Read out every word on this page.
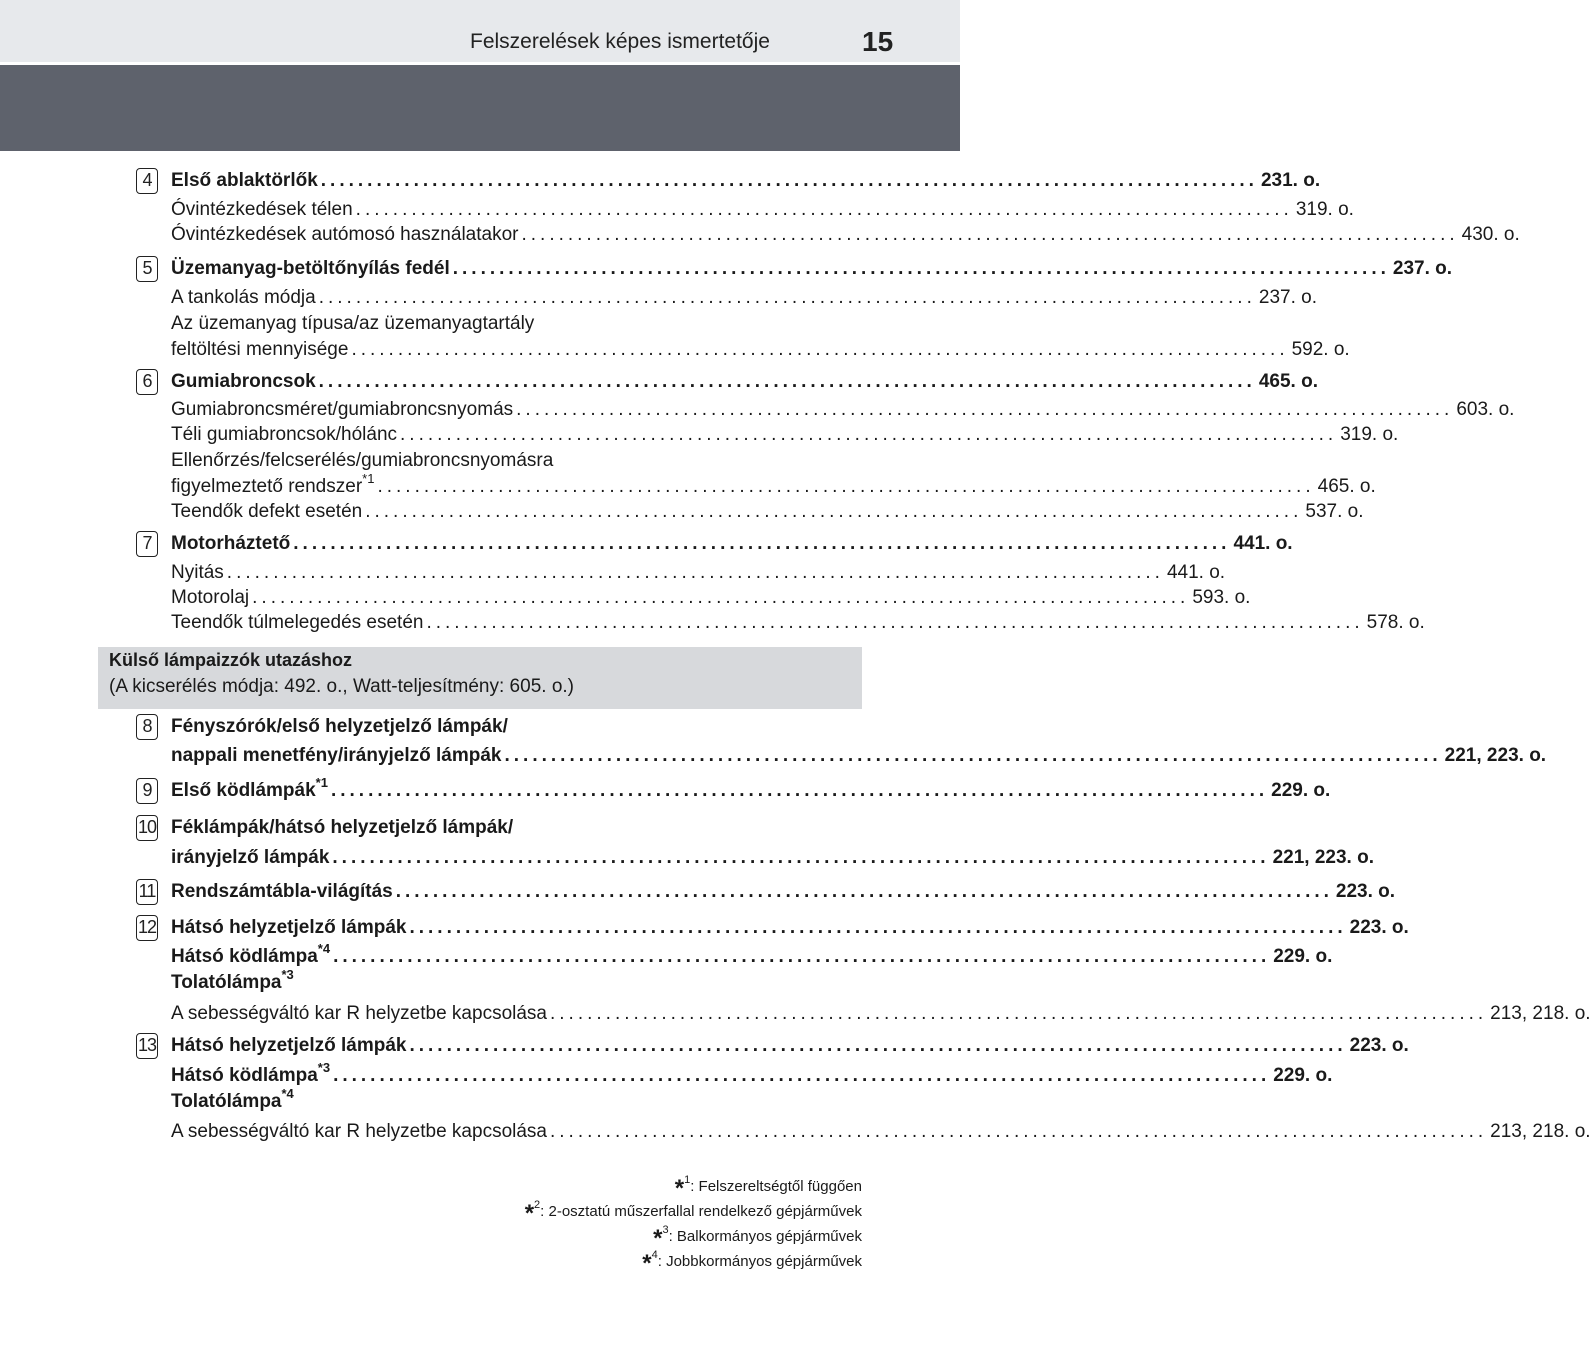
Felszerelések képes ismertetője	15
4	Első ablaktörlők ..................................................................................................... 231. o.
Óvintézkedések télen ..................................................................................................... 319. o.
Óvintézkedések autómosó használatakor ..................................................................................................... 430. o.
5	Üzemanyag-betöltőnyílás fedél ..................................................................................................... 237. o.
A tankolás módja ..................................................................................................... 237. o.
Az üzemanyag típusa/az üzemanyagtartály
feltöltési mennyisége ..................................................................................................... 592. o.
6	Gumiabroncsok ..................................................................................................... 465. o.
Gumiabroncsméret/gumiabroncsnyomás ..................................................................................................... 603. o.
Téli gumiabroncsok/hólánc ..................................................................................................... 319. o.
Ellenőrzés/felcserélés/gumiabroncsnyomásra
figyelmeztető rendszer$^{*1}$ ..................................................................................................... 465. o.
Teendők defekt esetén ..................................................................................................... 537. o.
7	Motorháztető ..................................................................................................... 441. o.
Nyitás ..................................................................................................... 441. o.
Motorolaj ..................................................................................................... 593. o.
Teendők túlmelegedés esetén ..................................................................................................... 578. o.
8	Fényszórók/első helyzetjelző lámpák/
nappali menetfény/irányjelző lámpák ..................................................................................................... 221, 223. o.
9	Első ködlámpák$^{*1}$ ..................................................................................................... 229. o.
10 Féklámpák/hátsó helyzetjelző lámpák/
irányjelző lámpák ..................................................................................................... 221, 223. o.
11 Rendszámtábla-világítás ..................................................................................................... 223. o.
12 Hátsó helyzetjelző lámpák ..................................................................................................... 223. o.
Hátsó ködlámpa$^{*4}$ ..................................................................................................... 229. o.
Tolatólámpa$^{*3}$
A sebességváltó kar R helyzetbe kapcsolása ..................................................................................................... 213, 218. o.
13 Hátsó helyzetjelző lámpák ..................................................................................................... 223. o.
Hátsó ködlámpa$^{*3}$ ..................................................................................................... 229. o.
Tolatólámpa$^{*4}$
A sebességváltó kar R helyzetbe kapcsolása ..................................................................................................... 213, 218. o.
Külső lámpaizzók utazáshoz
(A kicserélés módja: 492. o., Watt-teljesítmény: 605. o.)
*$^1$: Felszereltségtől függően
*$^2$: 2-osztatú műszerfallal rendelkező gépjárművek
*$^3$: Balkormányos gépjárművek
*$^4$: Jobbkormányos gépjárművek
